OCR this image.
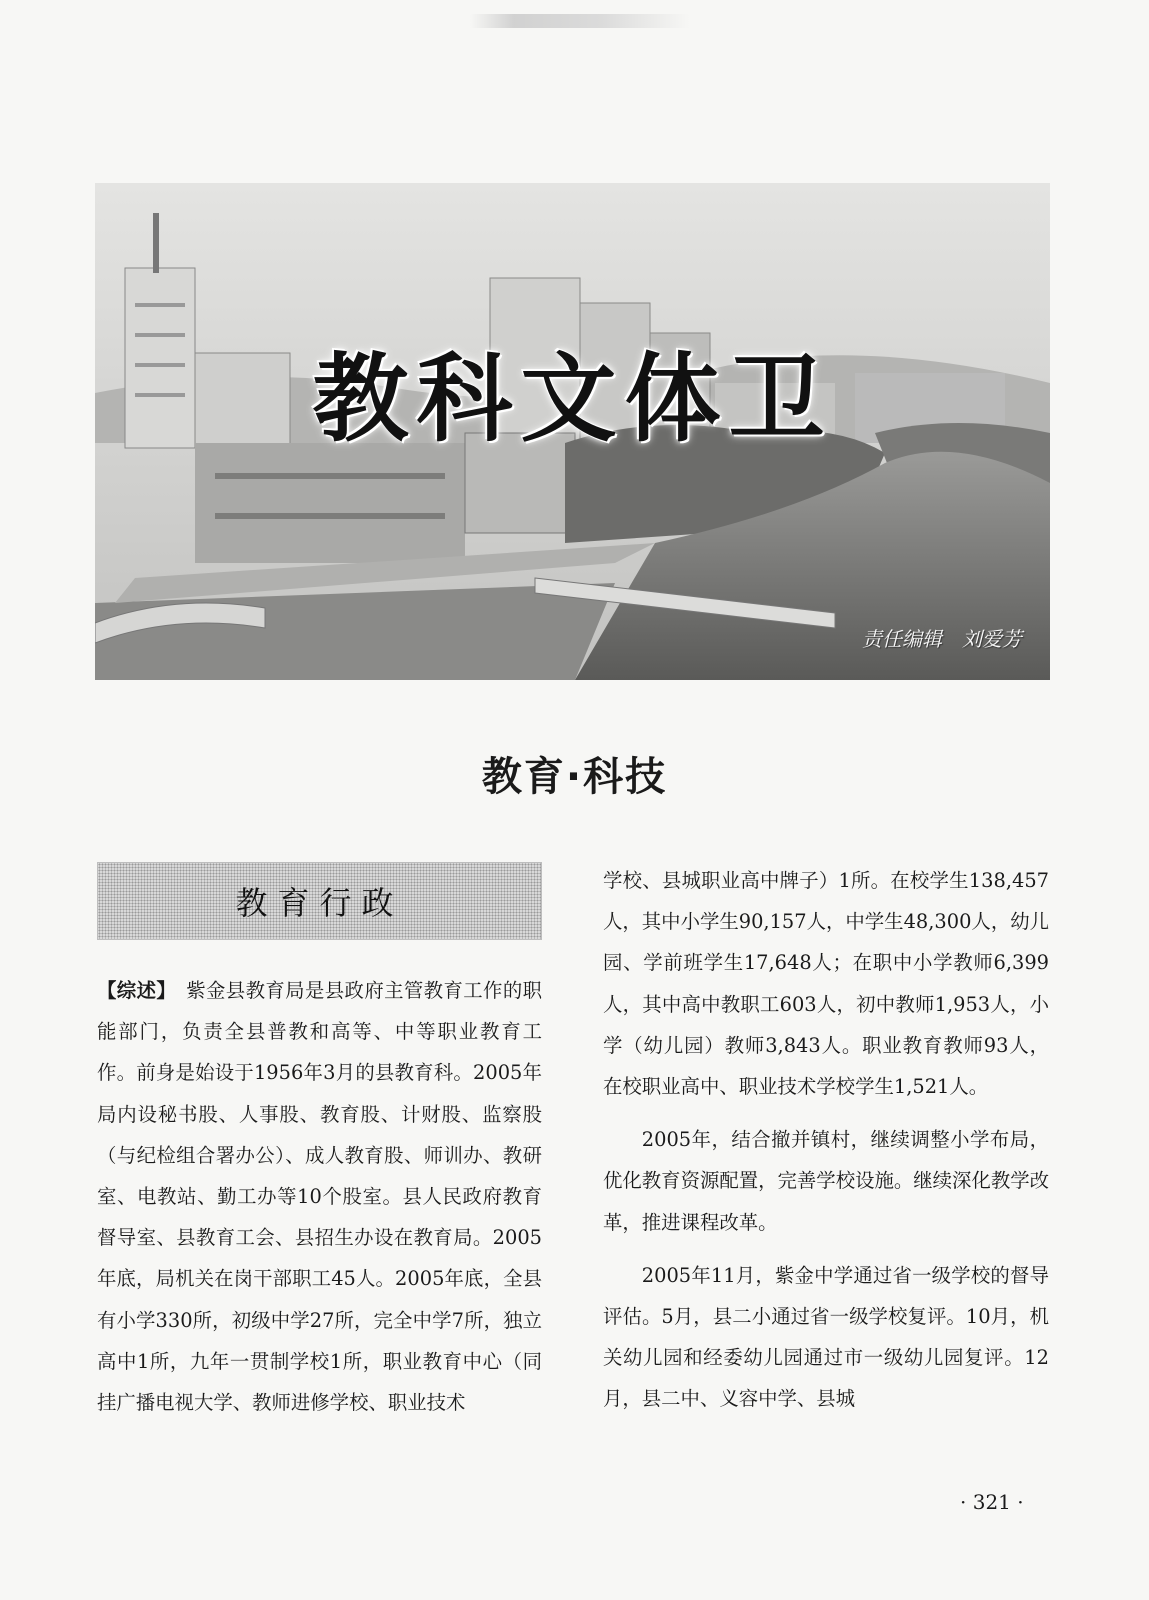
教科文体卫
责任编辑　刘爱芳
教育·科技
教育行政

【综述】　紫金县教育局是县政府主管教育工作的职能部门，负责全县普教和高等、中等职业教育工作。前身是始设于1956年3月的县教育科。2005年局内设秘书股、人事股、教育股、计财股、监察股（与纪检组合署办公）、成人教育股、师训办、教研室、电教站、勤工办等10个股室。县人民政府教育督导室、县教育工会、县招生办设在教育局。2005年底，局机关在岗干部职工45人。2005年底，全县有小学330所，初级中学27所，完全中学7所，独立高中1所，九年一贯制学校1所，职业教育中心（同挂广播电视大学、教师进修学校、职业技术

学校、县城职业高中牌子）1所。在校学生138,457人，其中小学生90,157人，中学生48,300人，幼儿园、学前班学生17,648人；在职中小学教师6,399人，其中高中教职工603人，初中教师1,953人，小学（幼儿园）教师3,843人。职业教育教师93人，在校职业高中、职业技术学校学生1,521人。

2005年，结合撤并镇村，继续调整小学布局，优化教育资源配置，完善学校设施。继续深化教学改革，推进课程改革。

2005年11月，紫金中学通过省一级学校的督导评估。5月，县二小通过省一级学校复评。10月，机关幼儿园和经委幼儿园通过市一级幼儿园复评。12月，县二中、义容中学、县城

· 321 ·
